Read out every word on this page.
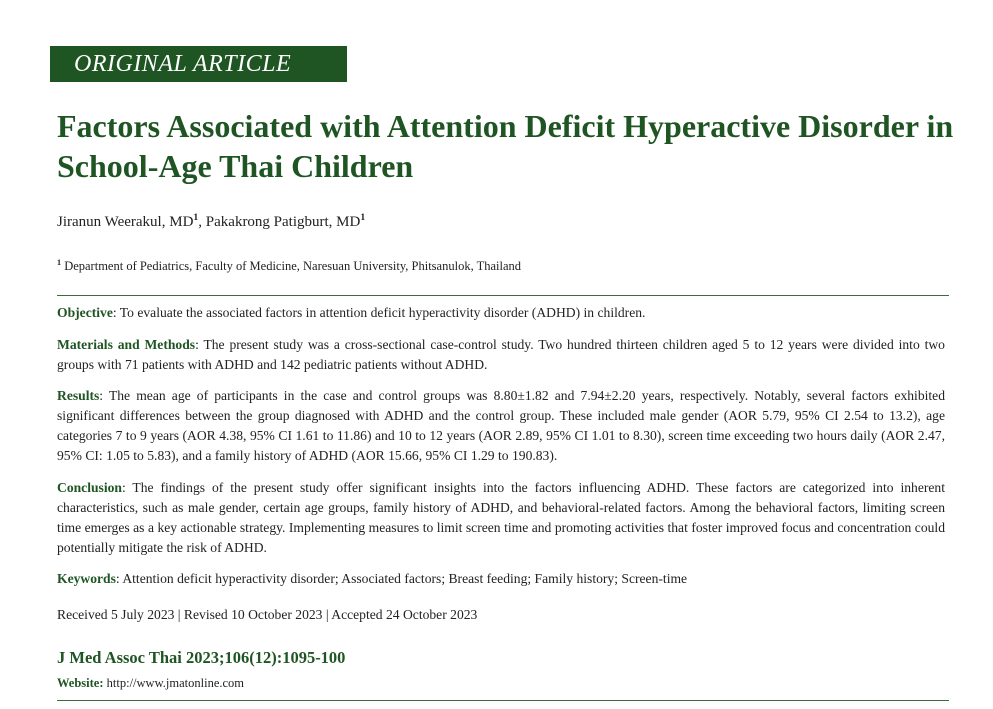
ORIGINAL ARTICLE
Factors Associated with Attention Deficit Hyperactive Disorder in School-Age Thai Children
Jiranun Weerakul, $MD^1$, Pakakrong Patigburt, $MD^1$
$^1$ Department of Pediatrics, Faculty of Medicine, Naresuan University, Phitsanulok, Thailand

Objective: To evaluate the associated factors in attention deficit hyperactivity disorder (ADHD) in children.

Materials and Methods: The present study was a cross-sectional case-control study. Two hundred thirteen children aged 5 to 12 years were divided into two groups with 71 patients with ADHD and 142 pediatric patients without ADHD.

Results: The mean age of participants in the case and control groups was 8.80±1.82 and 7.94±2.20 years, respectively. Notably, several factors exhibited significant differences between the group diagnosed with ADHD and the control group. These included male gender (AOR 5.79, 95% CI 2.54 to 13.2), age categories 7 to 9 years (AOR 4.38, 95% CI 1.61 to 11.86) and 10 to 12 years (AOR 2.89, 95% CI 1.01 to 8.30), screen time exceeding two hours daily (AOR 2.47, 95% CI: 1.05 to 5.83), and a family history of ADHD (AOR 15.66, 95% CI 1.29 to 190.83).

Conclusion: The findings of the present study offer significant insights into the factors influencing ADHD. These factors are categorized into inherent characteristics, such as male gender, certain age groups, family history of ADHD, and behavioral-related factors. Among the behavioral factors, limiting screen time emerges as a key actionable strategy. Implementing measures to limit screen time and promoting activities that foster improved focus and concentration could potentially mitigate the risk of ADHD.

Keywords: Attention deficit hyperactivity disorder; Associated factors; Breast feeding; Family history; Screen-time

Received 5 July 2023 | Revised 10 October 2023 | Accepted 24 October 2023

J Med Assoc Thai 2023;106(12):1095-100
Website: http://www.jmatonline.com
